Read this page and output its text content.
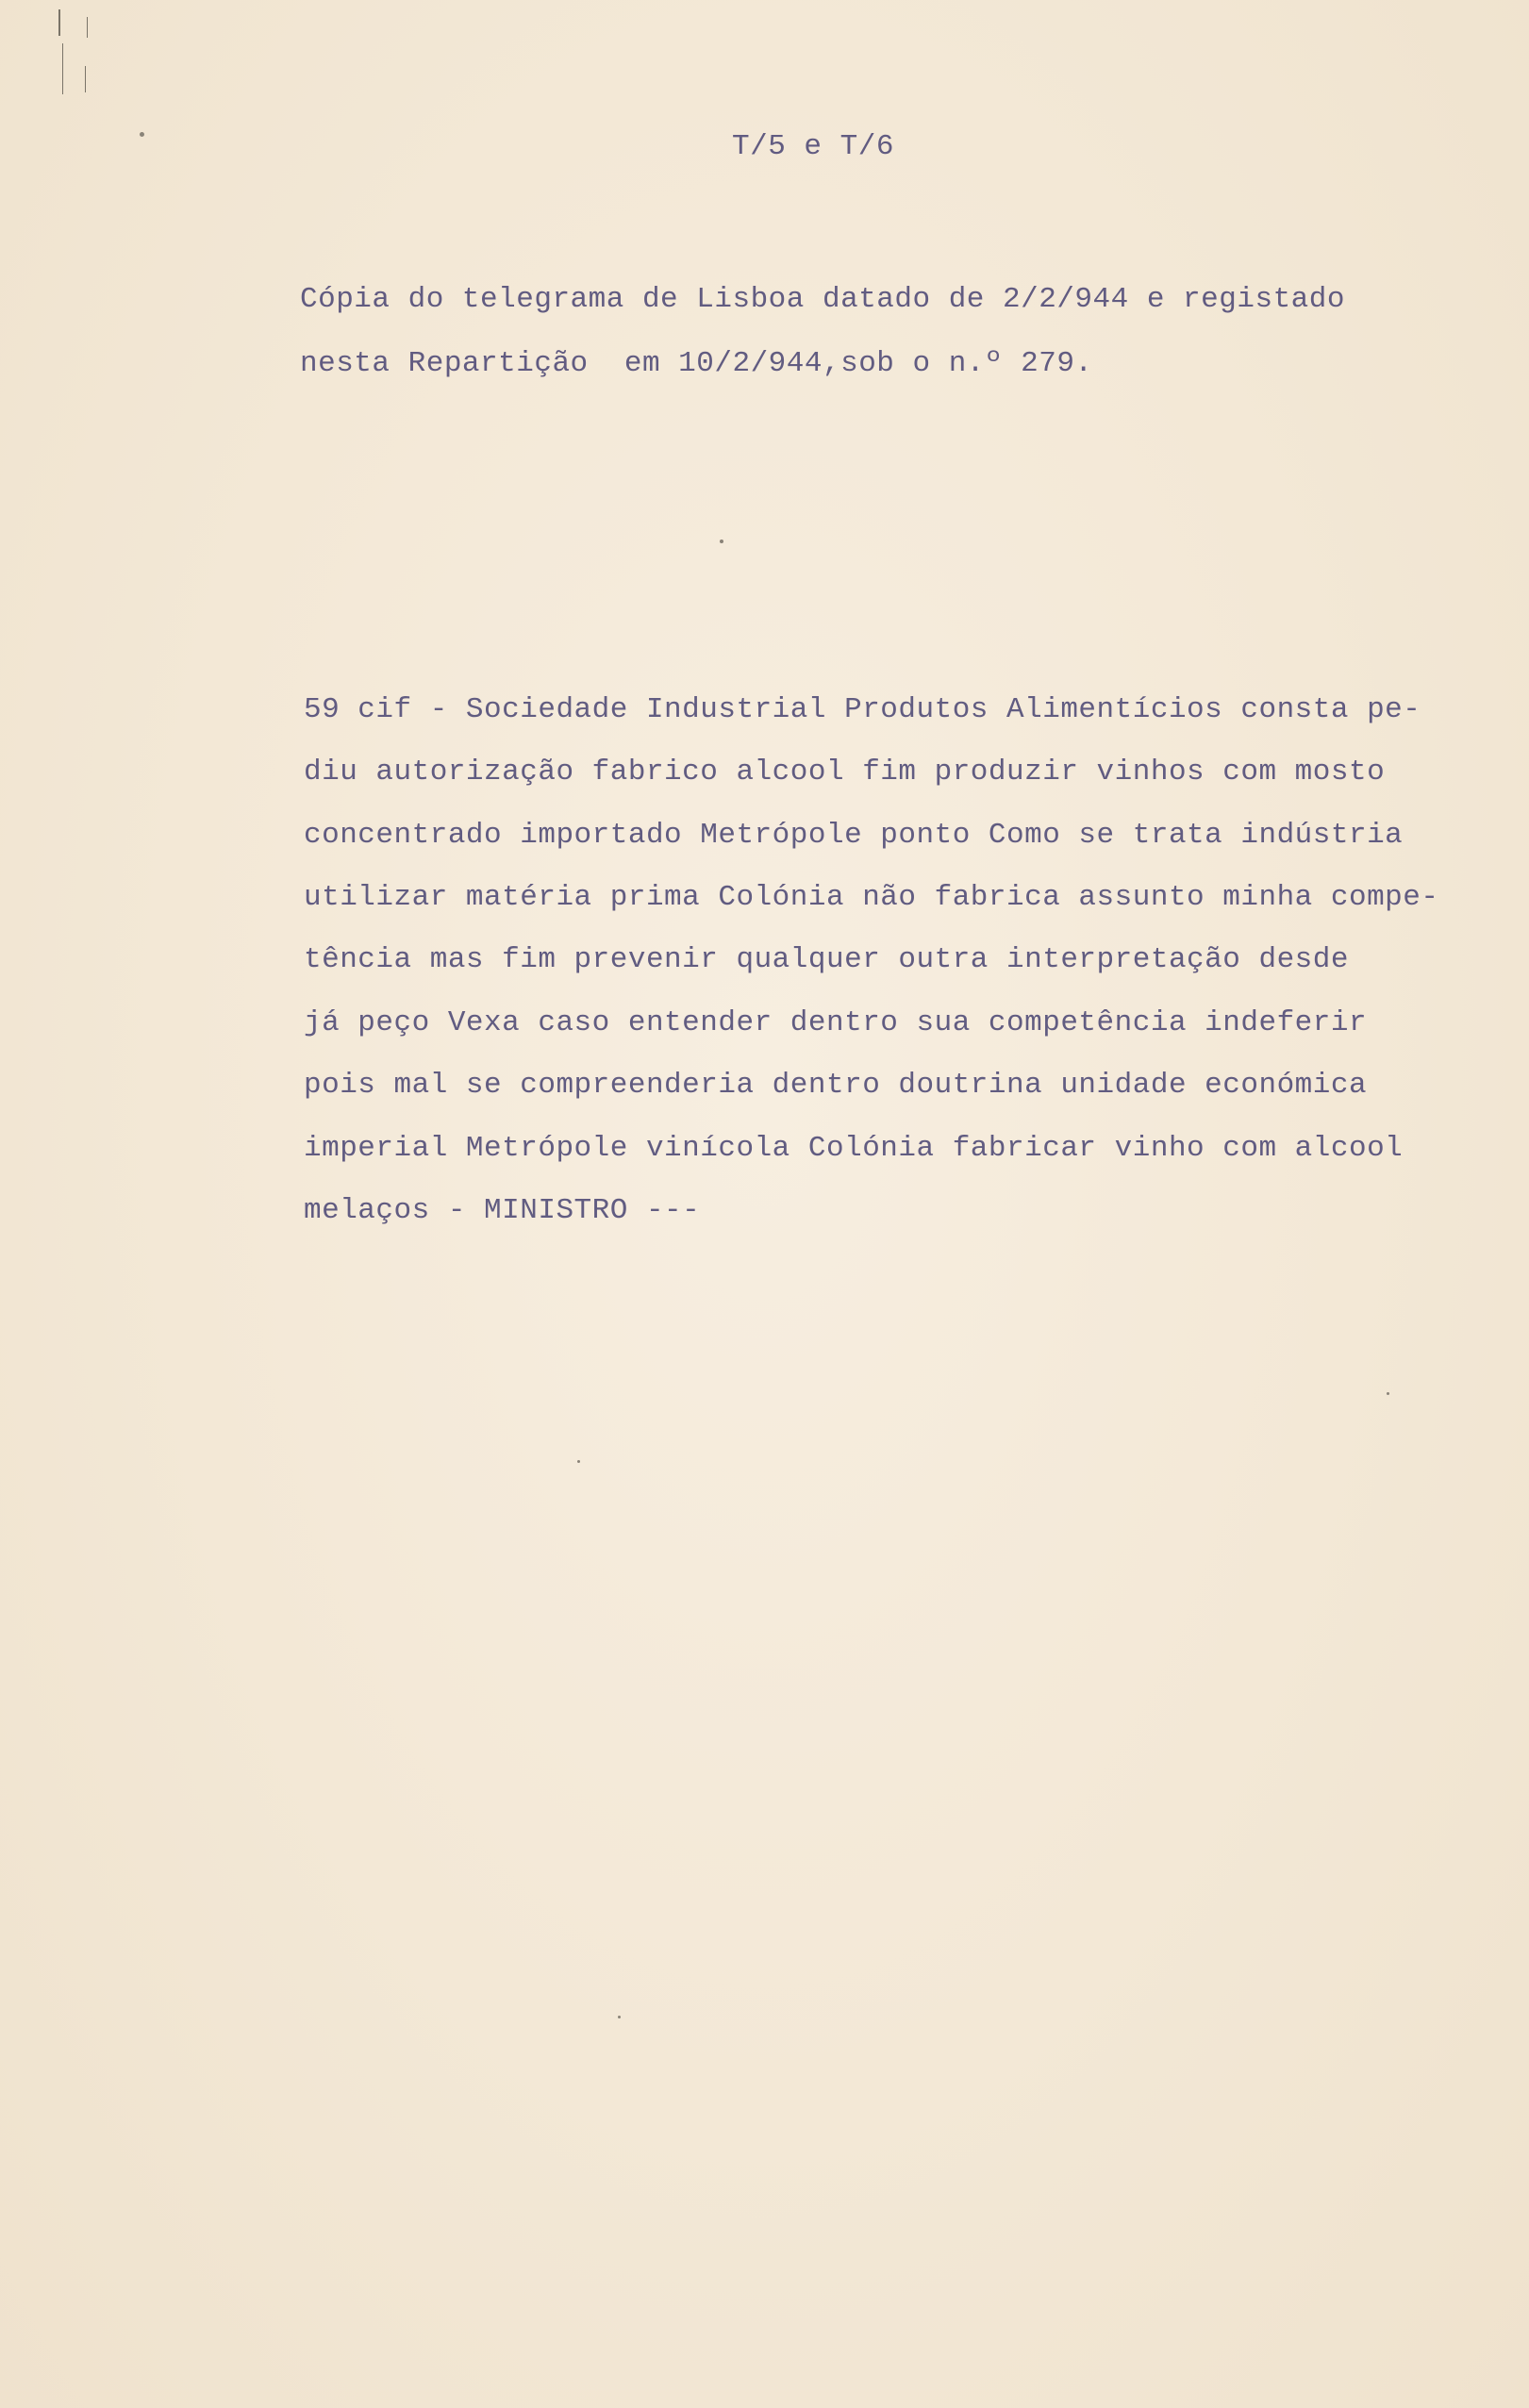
T/5 e T/6
Cópia do telegrama de Lisboa datado de 2/2/944 e registado
nesta Repartição  em 10/2/944,sob o n.º 279.
59 cif - Sociedade Industrial Produtos Alimentícios consta pe-
diu autorização fabrico alcool fim produzir vinhos com mosto
concentrado importado Metrópole ponto Como se trata indústria
utilizar matéria prima Colónia não fabrica assunto minha compe-
tência mas fim prevenir qualquer outra interpretação desde
já peço Vexa caso entender dentro sua competência indeferir
pois mal se compreenderia dentro doutrina unidade económica
imperial Metrópole vinícola Colónia fabricar vinho com alcool
melaços - MINISTRO ---
